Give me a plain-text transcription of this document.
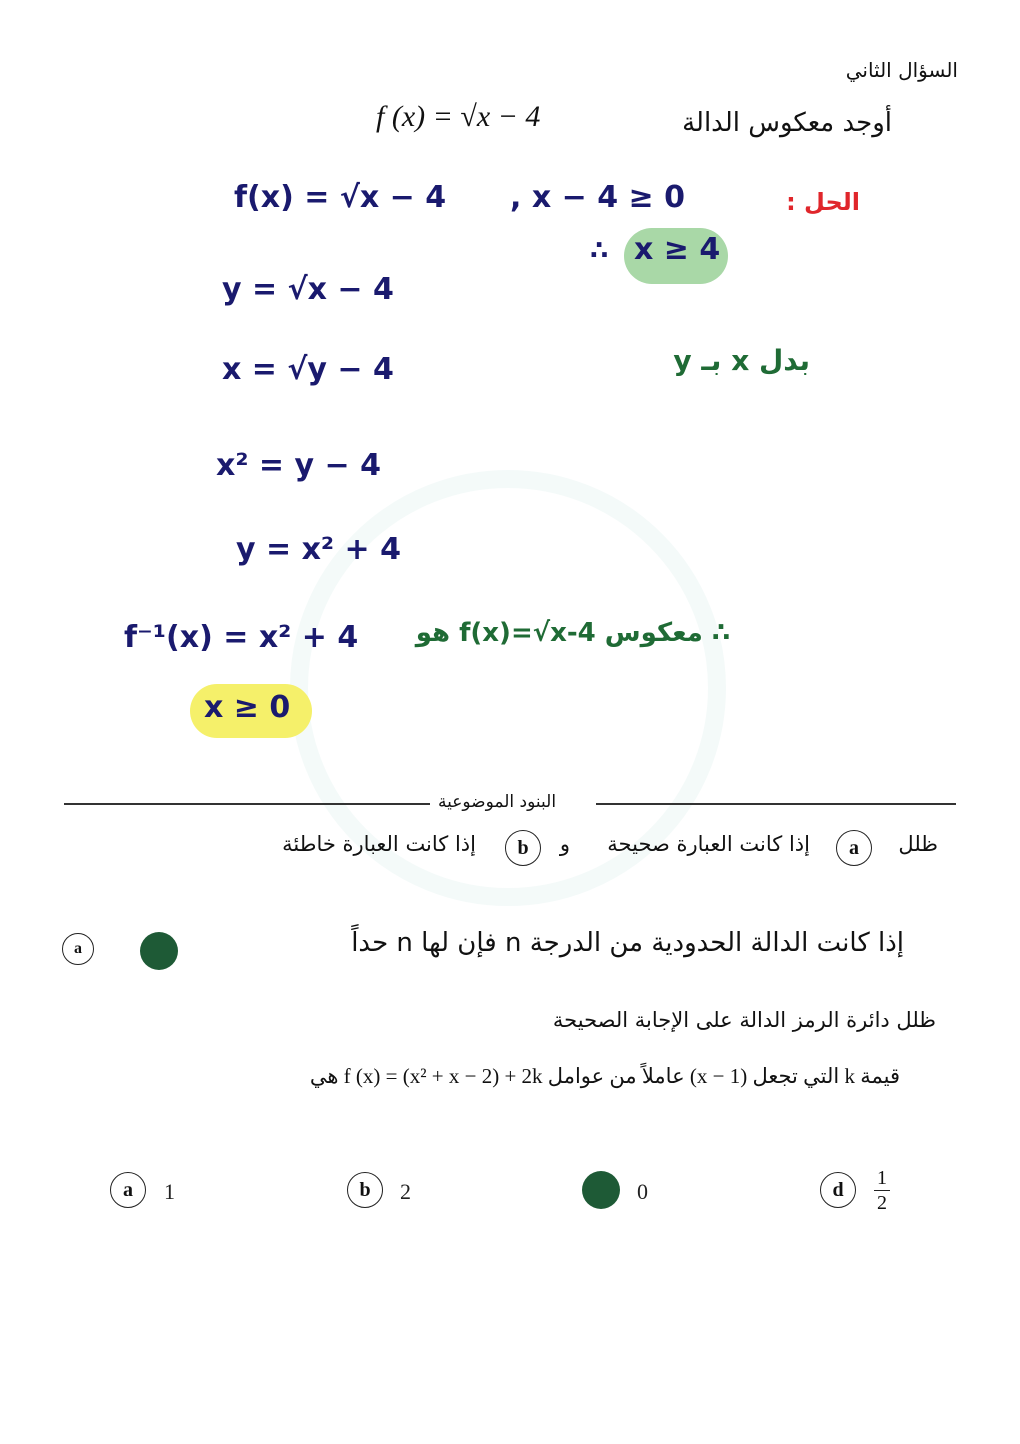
السؤال الثاني
f (x) = √x − 4	أوجد معكوس الدالة
الحل :
f(x) = √x − 4 , x − 4 ≥ 0
∴ x ≥ 4
y = √x − 4
x = √y − 4	بدل x بـ y
x² = y − 4
y = x² + 4
f⁻¹(x) = x² + 4 ∴ معكوس f(x)=√x-4 هو
x ≥ 0
البنود الموضوعية
ظلل
a
إذا كانت العبارة صحيحة
و
b
إذا كانت العبارة خاطئة
a	إذا كانت الدالة الحدودية من الدرجة n فإن لها n حداً
ظلل دائرة الرمز الدالة على الإجابة الصحيحة
قيمة k التي تجعل (x − 1) عاملاً من عوامل f (x) = (x² + x − 2) + 2k هي
a	1	b	2	0	d
1
2
